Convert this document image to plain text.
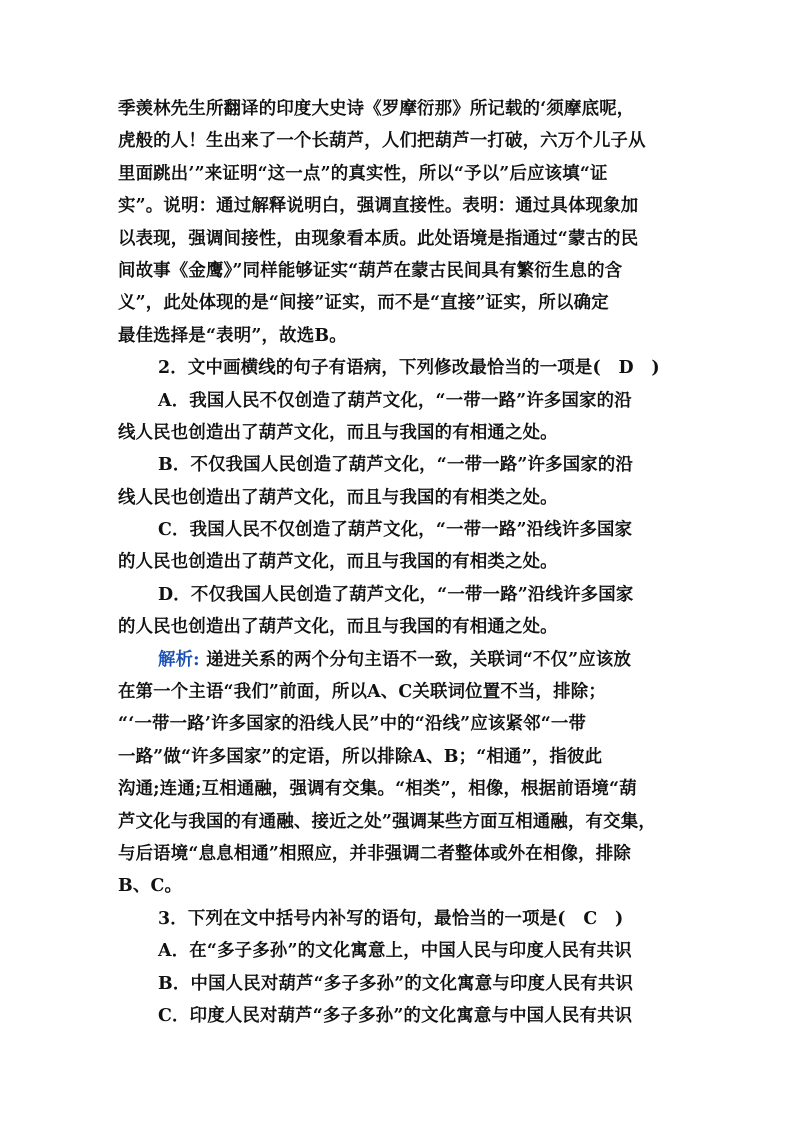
季羡林先生所翻译的印度大史诗《罗摩衍那》所记载的‘须摩底呢，
虎般的人！生出来了一个长葫芦，人们把葫芦一打破，六万个儿子从
里面跳出’”来证明“这一点”的真实性，所以“予以”后应该填“证
实”。说明：通过解释说明白，强调直接性。表明：通过具体现象加
以表现，强调间接性，由现象看本质。此处语境是指通过“蒙古的民
间故事《金鹰》”同样能够证实“葫芦在蒙古民间具有繁衍生息的含
义”，此处体现的是“间接”证实，而不是“直接”证实，所以确定
最佳选择是“表明”，故选B。
2．文中画横线的句子有语病，下列修改最恰当的一项是(　D　)
A．我国人民不仅创造了葫芦文化，“一带一路”许多国家的沿
线人民也创造出了葫芦文化，而且与我国的有相通之处。
B．不仅我国人民创造了葫芦文化，“一带一路”许多国家的沿
线人民也创造出了葫芦文化，而且与我国的有相类之处。
C．我国人民不仅创造了葫芦文化，“一带一路”沿线许多国家
的人民也创造出了葫芦文化，而且与我国的有相类之处。
D．不仅我国人民创造了葫芦文化，“一带一路”沿线许多国家
的人民也创造出了葫芦文化，而且与我国的有相通之处。
解析: 递进关系的两个分句主语不一致，关联词“不仅”应该放
在第一个主语“我们”前面，所以A、C关联词位置不当，排除；
“‘一带一路’许多国家的沿线人民”中的“沿线”应该紧邻“一带
一路”做“许多国家”的定语，所以排除A、B；“相通”，指彼此
沟通;连通;互相通融，强调有交集。“相类”，相像，根据前语境“葫
芦文化与我国的有通融、接近之处”强调某些方面互相通融，有交集，
与后语境“息息相通”相照应，并非强调二者整体或外在相像，排除
B、C。
3．下列在文中括号内补写的语句，最恰当的一项是(　C　)
A．在“多子多孙”的文化寓意上，中国人民与印度人民有共识
B．中国人民对葫芦“多子多孙”的文化寓意与印度人民有共识
C．印度人民对葫芦“多子多孙”的文化寓意与中国人民有共识
